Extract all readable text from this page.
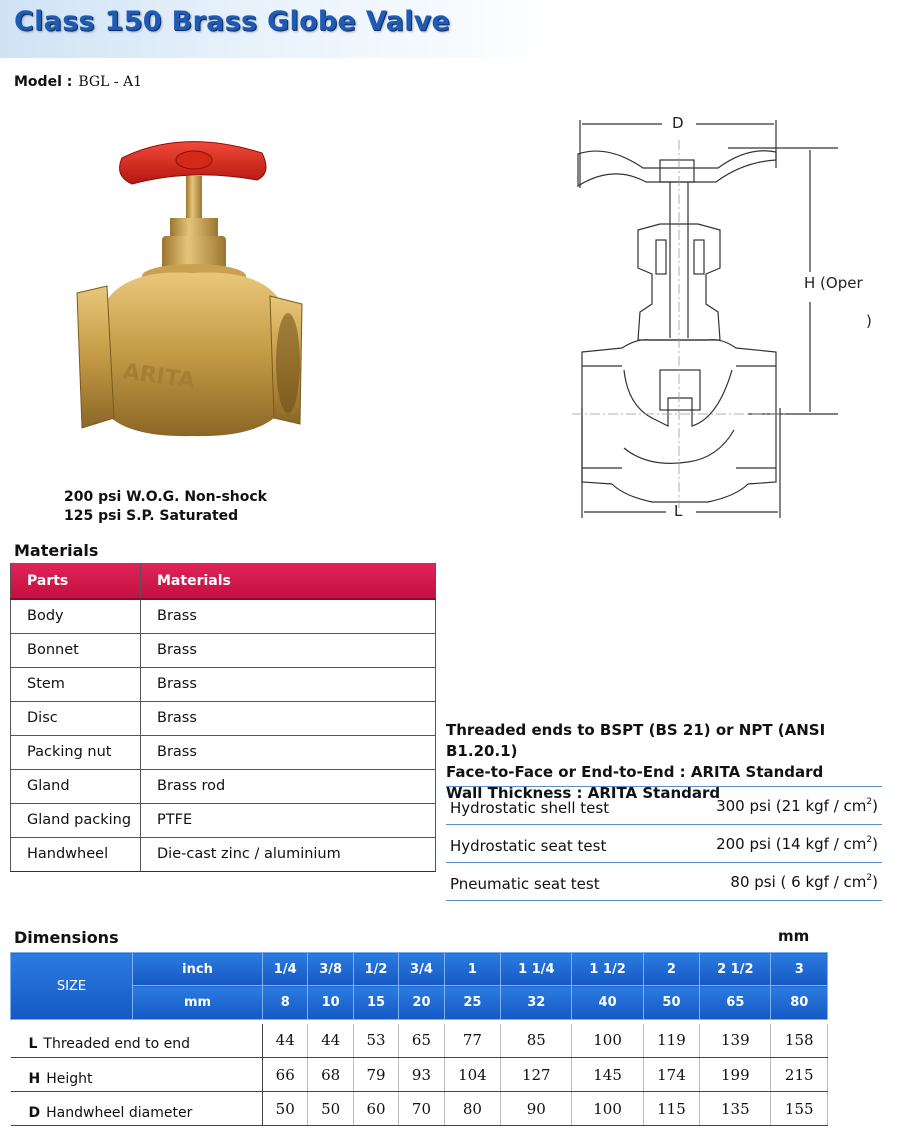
Class 150 Brass Globe Valve
Model : BGL - A1
ARITA
D
H (Oper
)
L
200 psi W.O.G. Non-shock
125 psi S.P. Saturated
Materials
Parts	Materials
Body	Brass
Bonnet	Brass
Stem	Brass
Disc	Brass
Packing nut	Brass
Gland	Brass rod
Gland packing	PTFE
Handwheel	Die-cast zinc / aluminium
Threaded ends to BSPT (BS 21) or NPT (ANSI B1.20.1)
Face-to-Face or End-to-End : ARITA Standard
Wall Thickness : ARITA Standard
Hydrostatic shell test	300 psi (21 kgf / $cm^2$)
Hydrostatic seat test	200 psi (14 kgf / $cm^2$)
Pneumatic seat test	80 psi ( 6 kgf / $cm^2$)
Dimensions	mm
SIZE	inch	1/4	3/8	1/2	3/4	1	1 1/4	1 1/2	2	2 1/2	3
	mm	8	10	15	20	25	32	40	50	65	80

L Threaded end to end		44	44	53	65	77	85	100	119	139	158
H Height		66	68	79	93	104	127	145	174	199	215
D Handwheel diameter		50	50	60	70	80	90	100	115	135	155
